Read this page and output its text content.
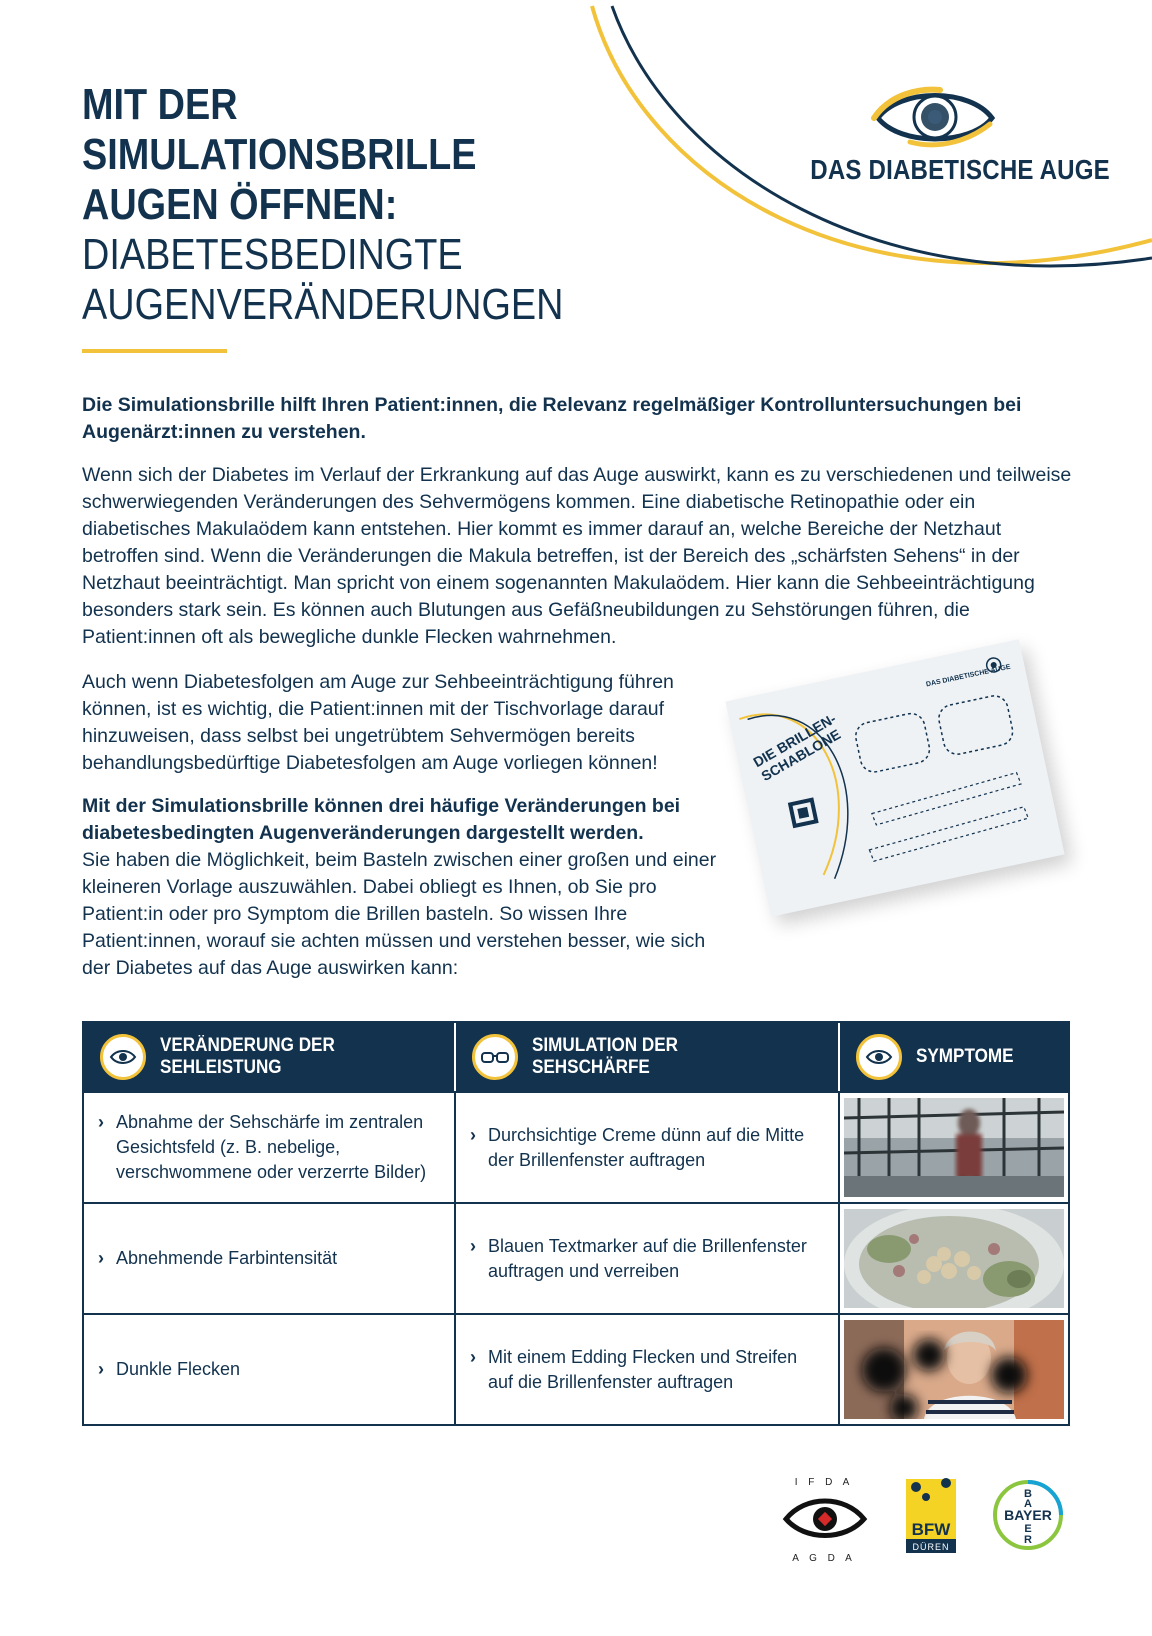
DAS DIABETISCHE AUGE
MIT DER
SIMULATIONSBRILLE
AUGEN ÖFFNEN:
DIABETESBEDINGTE
AUGENVERÄNDERUNGEN
Die Simulationsbrille hilft Ihren Patient:innen, die Relevanz regelmäßiger Kontrolluntersuchungen bei Augenärzt:innen zu verstehen.
Wenn sich der Diabetes im Verlauf der Erkrankung auf das Auge auswirkt, kann es zu verschiedenen und teilweise schwerwiegenden Veränderungen des Sehvermögens kommen. Eine diabetische Retinopathie oder ein diabetisches Makulaödem kann entstehen. Hier kommt es immer darauf an, welche Bereiche der Netzhaut betroffen sind. Wenn die Veränderungen die Makula betreffen, ist der Bereich des „schärfsten Sehens“ in der Netzhaut beeinträchtigt. Man spricht von einem sogenannten Makulaödem. Hier kann die Sehbeeinträchtigung besonders stark sein. Es können auch Blutungen aus Gefäßneubildungen zu Sehstörungen führen, die Patient:innen oft als bewegliche dunkle Flecken wahrnehmen.
Auch wenn Diabetesfolgen am Auge zur Sehbeeinträchtigung führen können, ist es wichtig, die Patient:innen mit der Tischvorlage darauf hinzuweisen, dass selbst bei ungetrübtem Sehvermögen bereits behandlungsbedürftige Diabetesfolgen am Auge vorliegen können!
Mit der Simulationsbrille können drei häufige Veränderungen bei diabetesbedingten Augenveränderungen dargestellt werden.
Sie haben die Möglichkeit, beim Basteln zwischen einer großen und einer kleineren Vorlage auszuwählen. Dabei obliegt es Ihnen, ob Sie pro Patient:in oder pro Symptom die Brillen basteln. So wissen Ihre Patient:innen, worauf sie achten müssen und verstehen besser, wie sich der Diabetes auf das Auge auswirken kann:
DAS DIABETISCHE AUGE
DIE BRILLEN-
SCHABLONE
VERÄNDERUNG DER
SEHLEISTUNG
SIMULATION DER
SEHSCHÄRFE
SYMPTOME
› Abnahme der Sehschärfe im zentralen Gesichtsfeld (z. B. nebelige, verschwommene oder verzerrte Bilder)
› Durchsichtige Creme dünn auf die Mitte der Brillenfenster auftragen
› Abnehmende Farbintensität
› Blauen Textmarker auf die Brillenfenster auftragen und verreiben
› Dunkle Flecken
› Mit einem Edding Flecken und Streifen auf die Brillenfenster auftragen
I F D A
A G D A
BFW
DÜREN
BAYER
B
A
E
R
